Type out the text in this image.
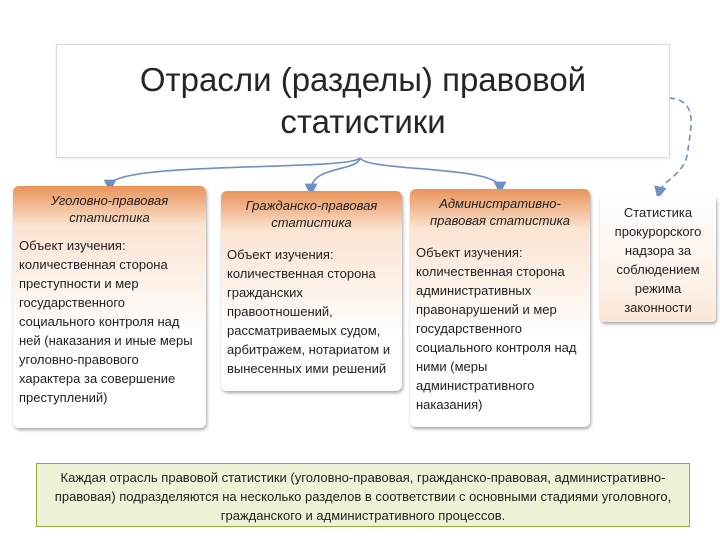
Отрасли (разделы) правовой статистики
Уголовно-правовая статистика
Объект изучения: количественная сторона преступности и мер государственного социального контроля над ней (наказания и иные меры уголовно-правового характера за совершение преступлений)
Гражданско-правовая статистика
Объект изучения: количественная сторона гражданских правоотношений, рассматриваемых судом, арбитражем, нотариатом и вынесенных ими решений
Административно-правовая статистика
Объект изучения: количественная сторона административных правонарушений и мер государственного социального контроля над ними (меры административного наказания)
Статистика прокурорского надзора за соблюдением режима законности
Каждая отрасль правовой статистики (уголовно-правовая, гражданско-правовая, административно-правовая) подразделяются на несколько разделов в соответствии с основными стадиями уголовного, гражданского и административного процессов.
